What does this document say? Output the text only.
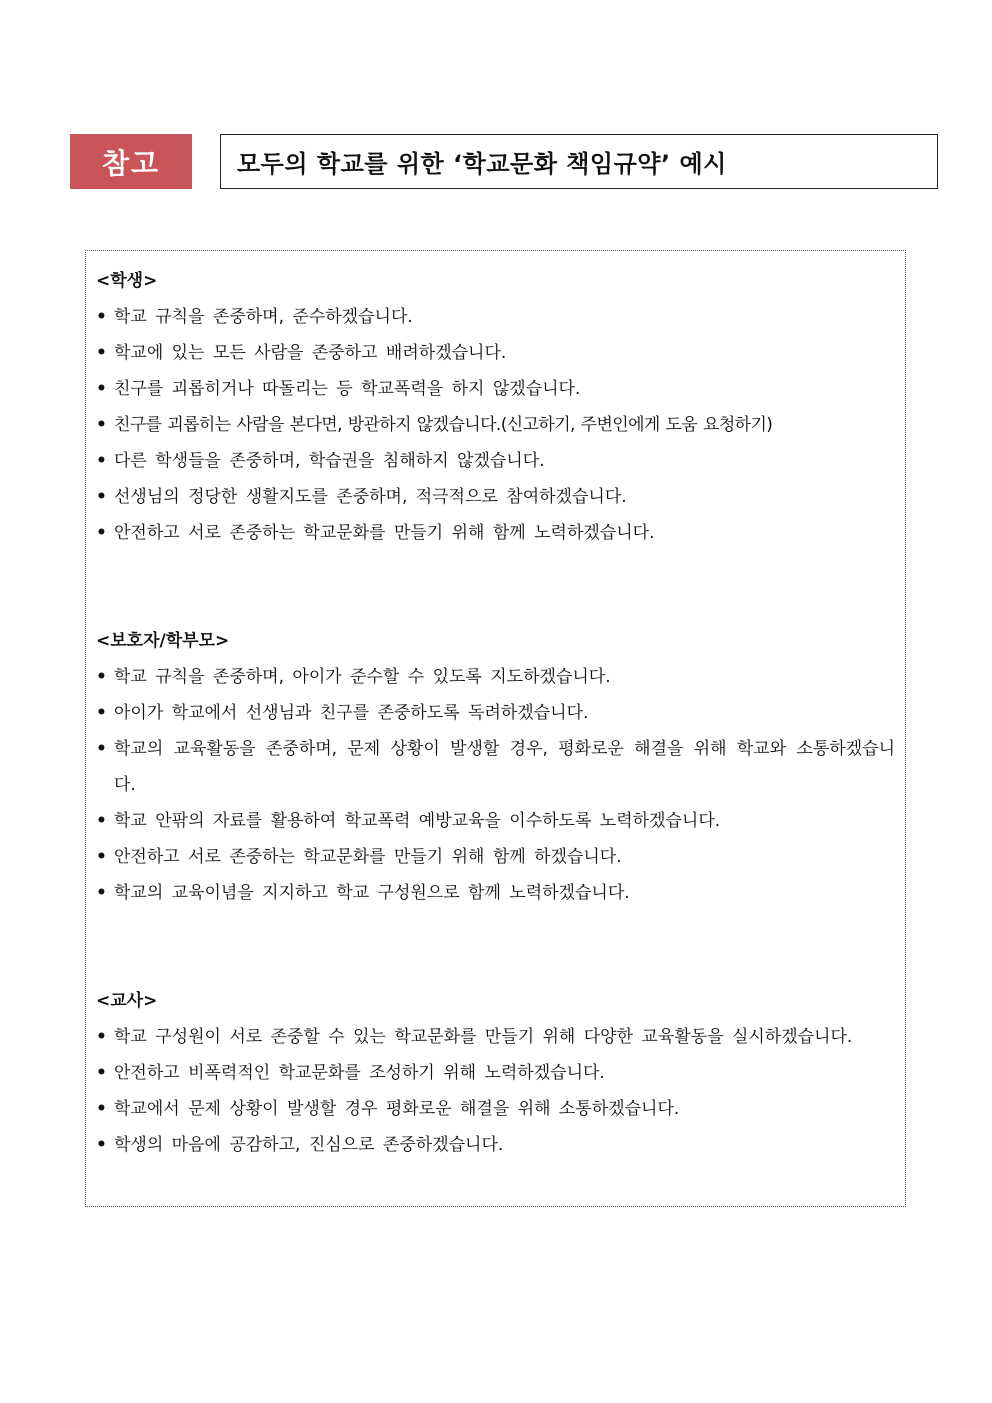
참고	모두의 학교를 위한 ‘학교문화 책임규약’ 예시
<학생>
• 학교 규칙을 존중하며, 준수하겠습니다.
• 학교에 있는 모든 사람을 존중하고 배려하겠습니다.
• 친구를 괴롭히거나 따돌리는 등 학교폭력을 하지 않겠습니다.
• 친구를 괴롭히는 사람을 본다면, 방관하지 않겠습니다.(신고하기, 주변인에게 도움 요청하기)
• 다른 학생들을 존중하며, 학습권을 침해하지 않겠습니다.
• 선생님의 정당한 생활지도를 존중하며, 적극적으로 참여하겠습니다.
• 안전하고 서로 존중하는 학교문화를 만들기 위해 함께 노력하겠습니다.
<보호자/학부모>
• 학교 규칙을 존중하며, 아이가 준수할 수 있도록 지도하겠습니다.
• 아이가 학교에서 선생님과 친구를 존중하도록 독려하겠습니다.
• 학교의 교육활동을 존중하며, 문제 상황이 발생할 경우, 평화로운 해결을 위해 학교와 소통하겠습니다.
• 학교 안팎의 자료를 활용하여 학교폭력 예방교육을 이수하도록 노력하겠습니다.
• 안전하고 서로 존중하는 학교문화를 만들기 위해 함께 하겠습니다.
• 학교의 교육이념을 지지하고 학교 구성원으로 함께 노력하겠습니다.
<교사>
• 학교 구성원이 서로 존중할 수 있는 학교문화를 만들기 위해 다양한 교육활동을 실시하겠습니다.
• 안전하고 비폭력적인 학교문화를 조성하기 위해 노력하겠습니다.
• 학교에서 문제 상황이 발생할 경우 평화로운 해결을 위해 소통하겠습니다.
• 학생의 마음에 공감하고, 진심으로 존중하겠습니다.
